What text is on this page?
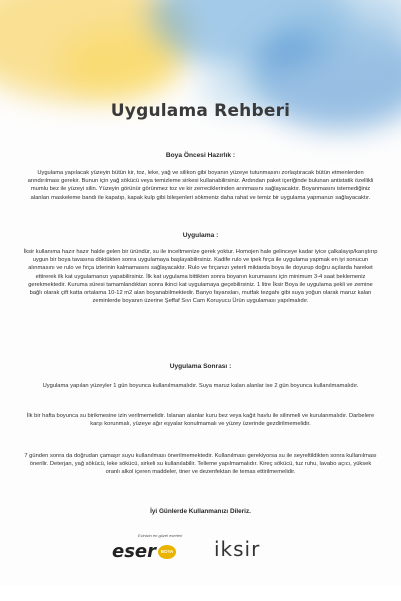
Uygulama Rehberi
Boya Öncesi Hazırlık :
Uygulama yapılacak yüzeyin bütün kir, toz, leke, yağ ve silikon gibi boyanın yüzeye tutunmasını zorlaştıracak bütün etmenlerden arındırılması gerekir. Bunun için yağ sökücü veya temizleme sirkesi kullanabilirsiniz. Ardından paket içeriğinde bulunan antistatik özellikli mumlu bez ile yüzeyi silin. Yüzeyin görünür görünmez toz ve kir zerreciklerinden arınmasını sağlayacaktır. Boyanmasını istemediğiniz alanları maskeleme bandı ile kapatıp, kapak kulp gibi bileşenleri sökmeniz daha rahat ve temiz bir uygulama yapmanızı sağlayacaktır.
Uygulama :
İksir kullanıma hazır hazır halde gelen bir üründür, su ile inceltmenize gerek yoktur. Homojen hale gelinceye kadar iyice çalkalayıp/karıştırıp uygun bir boya tavasına döktükten sonra uygulamaya başlayabilirsiniz. Kadife rulo ve ipek fırça ile uygulama yapmak en iyi sonucun alınmasını ve rulo ve fırça izlerinin kalmamasını sağlayacaktır. Rulo ve fırçanızı yeterli miktarda boya ile doyurup doğru açılarda hareket ettirerek ilk kat uygulamanızı yapabilirsiniz. İlk kat uygulama bittikten sonra boyanın kurumasını için minimum 3-4 saat beklemeniz gerekmektedir. Kuruma süresi tamamlandıktan sonra ikinci kat uygulamaya geçebilirsiniz. 1 litre İksir Boya ile uygulama şekli ve zemine bağlı olarak çift katta ortalama 10-12 m2 alan boyanabilmektedir. Banyo fayansları, mutfak tezgahı gibi suya yoğun olarak maruz kalan zeminlerde boyanın üzerine Şeffaf Sıvı Cam Koruyucu Ürün uygulaması yapılmalıdır.
Uygulama Sonrası :
Uygulama yapılan yüzeyler 1 gün boyunca kullanılmamalıdır. Suya maruz kalan alanlar ise 2 gün boyunca kullanılmamalıdır.
İlk bir hafta boyunca su birikmesine izin verilmemelidir. Islanan alanlar kuru bez veya kağıt havlu ile silinmeli ve kurulanmalıdır. Darbelere karşı korunmalı, yüzeye ağır eşyalar konulmamalı ve yüzey üzerinde gezdirilmemelidir.
7 günden sonra da doğrudan çamaşır suyu kullanılması önerilmemektedir. Kullanılması gerekiyorsa su ile seyreltildikten sonra kullanılması önerilir. Deterjan, yağ sökücü, leke sökücü, sirkeli su kullanılabilir. Telleme yapılmamalıdır. Kireç sökücü, tuz ruhu, lavabo açıcı, yüksek oranlı alkol içeren maddeler, tiner ve dezenfektan ile temas ettirilmemelidir.
İyi Günlerde Kullanmanızı Dileriz.
Evinizin en güzel eserleri
eser	BOYA iksir
